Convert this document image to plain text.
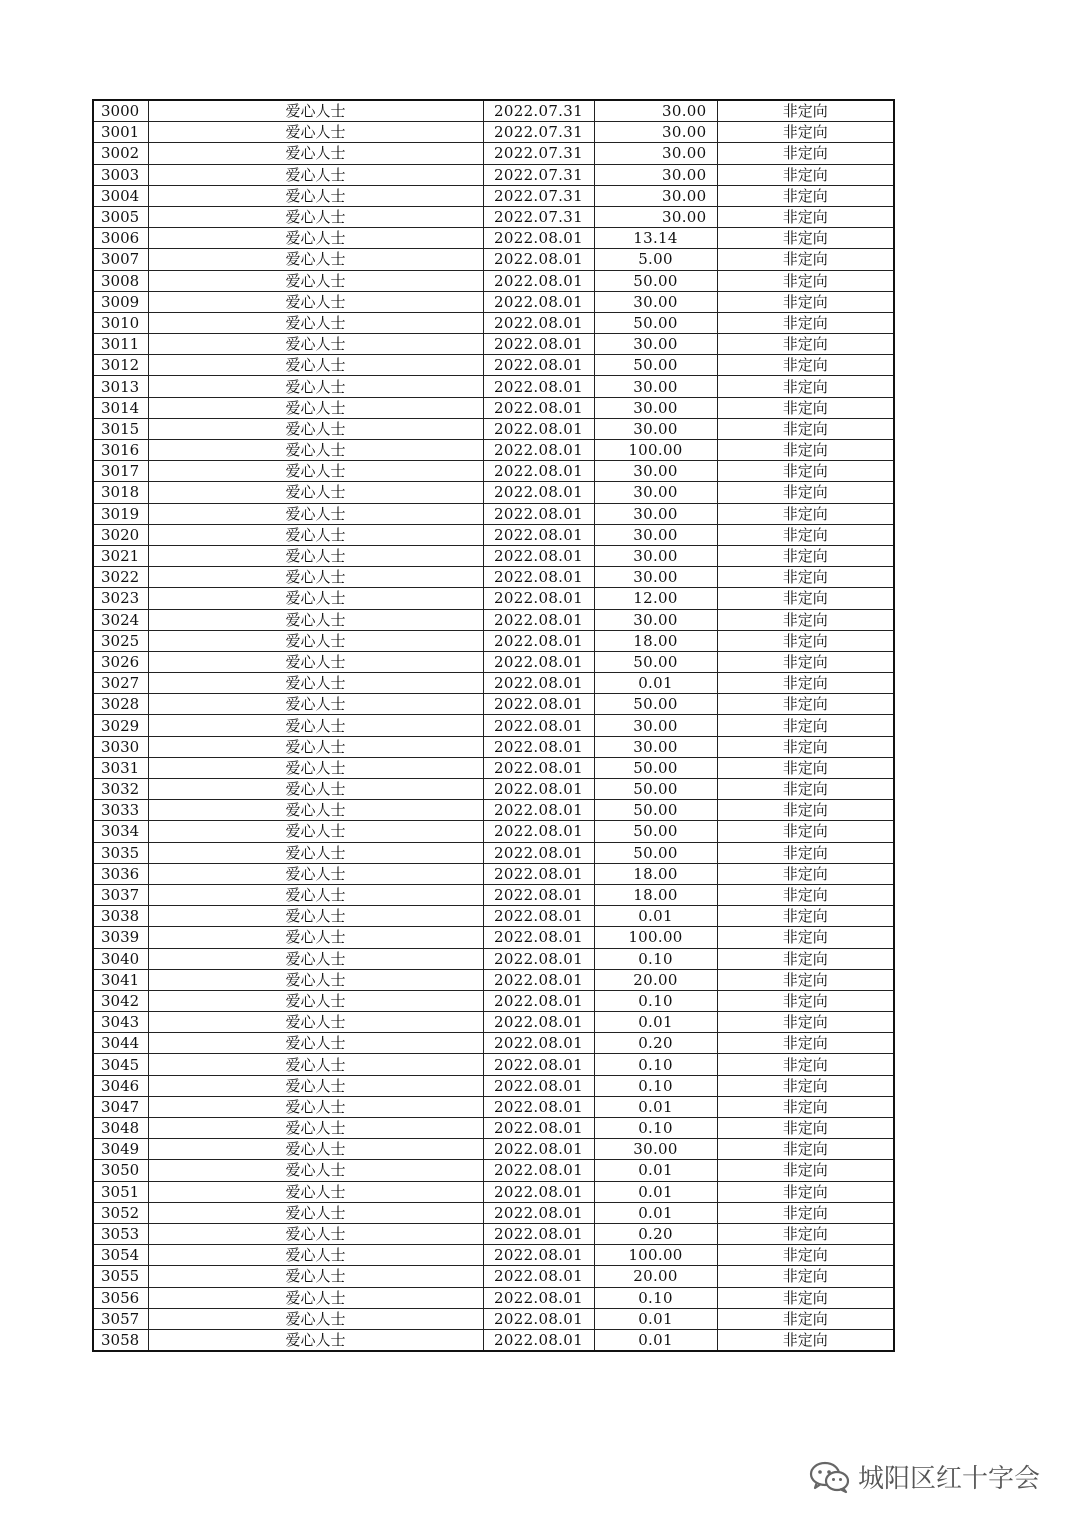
3000	爱心人士	2022.07.31	30.00	非定向
3001	爱心人士	2022.07.31	30.00	非定向
3002	爱心人士	2022.07.31	30.00	非定向
3003	爱心人士	2022.07.31	30.00	非定向
3004	爱心人士	2022.07.31	30.00	非定向
3005	爱心人士	2022.07.31	30.00	非定向
3006	爱心人士	2022.08.01	13.14	非定向
3007	爱心人士	2022.08.01	5.00	非定向
3008	爱心人士	2022.08.01	50.00	非定向
3009	爱心人士	2022.08.01	30.00	非定向
3010	爱心人士	2022.08.01	50.00	非定向
3011	爱心人士	2022.08.01	30.00	非定向
3012	爱心人士	2022.08.01	50.00	非定向
3013	爱心人士	2022.08.01	30.00	非定向
3014	爱心人士	2022.08.01	30.00	非定向
3015	爱心人士	2022.08.01	30.00	非定向
3016	爱心人士	2022.08.01	100.00	非定向
3017	爱心人士	2022.08.01	30.00	非定向
3018	爱心人士	2022.08.01	30.00	非定向
3019	爱心人士	2022.08.01	30.00	非定向
3020	爱心人士	2022.08.01	30.00	非定向
3021	爱心人士	2022.08.01	30.00	非定向
3022	爱心人士	2022.08.01	30.00	非定向
3023	爱心人士	2022.08.01	12.00	非定向
3024	爱心人士	2022.08.01	30.00	非定向
3025	爱心人士	2022.08.01	18.00	非定向
3026	爱心人士	2022.08.01	50.00	非定向
3027	爱心人士	2022.08.01	0.01	非定向
3028	爱心人士	2022.08.01	50.00	非定向
3029	爱心人士	2022.08.01	30.00	非定向
3030	爱心人士	2022.08.01	30.00	非定向
3031	爱心人士	2022.08.01	50.00	非定向
3032	爱心人士	2022.08.01	50.00	非定向
3033	爱心人士	2022.08.01	50.00	非定向
3034	爱心人士	2022.08.01	50.00	非定向
3035	爱心人士	2022.08.01	50.00	非定向
3036	爱心人士	2022.08.01	18.00	非定向
3037	爱心人士	2022.08.01	18.00	非定向
3038	爱心人士	2022.08.01	0.01	非定向
3039	爱心人士	2022.08.01	100.00	非定向
3040	爱心人士	2022.08.01	0.10	非定向
3041	爱心人士	2022.08.01	20.00	非定向
3042	爱心人士	2022.08.01	0.10	非定向
3043	爱心人士	2022.08.01	0.01	非定向
3044	爱心人士	2022.08.01	0.20	非定向
3045	爱心人士	2022.08.01	0.10	非定向
3046	爱心人士	2022.08.01	0.10	非定向
3047	爱心人士	2022.08.01	0.01	非定向
3048	爱心人士	2022.08.01	0.10	非定向
3049	爱心人士	2022.08.01	30.00	非定向
3050	爱心人士	2022.08.01	0.01	非定向
3051	爱心人士	2022.08.01	0.01	非定向
3052	爱心人士	2022.08.01	0.01	非定向
3053	爱心人士	2022.08.01	0.20	非定向
3054	爱心人士	2022.08.01	100.00	非定向
3055	爱心人士	2022.08.01	20.00	非定向
3056	爱心人士	2022.08.01	0.10	非定向
3057	爱心人士	2022.08.01	0.01	非定向
3058	爱心人士	2022.08.01	0.01	非定向
城阳区红十字会
